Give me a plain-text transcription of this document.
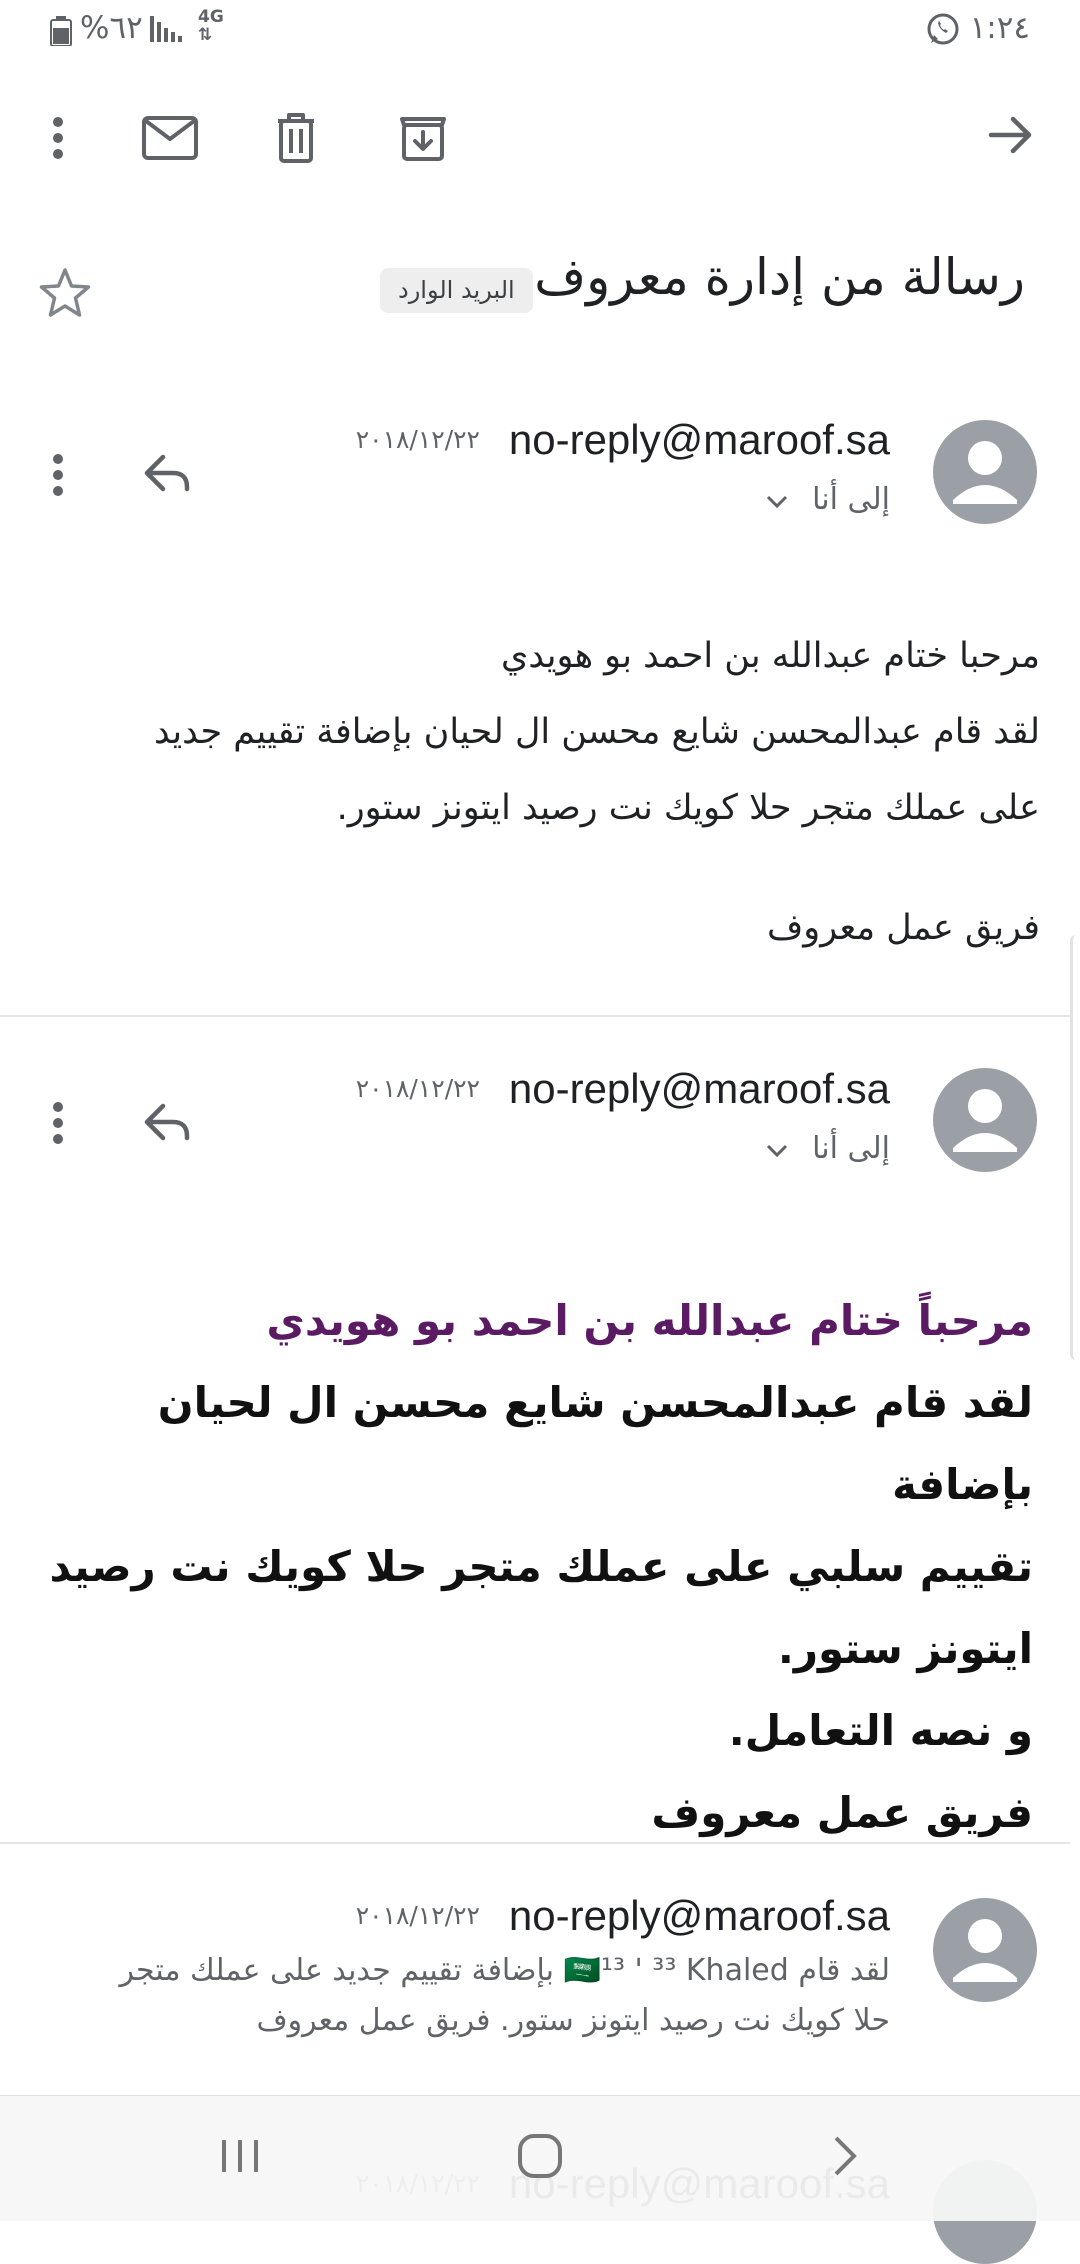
١:٢٤
%٦٢	4G
⇅
رسالة من إدارة معروف
البريد الوارد
no-reply@maroof.sa
٢٠١٨/١٢/٢٢
إلى أنا
مرحبا ختام عبدالله بن احمد بو هويدي
لقد قام عبدالمحسن شايع محسن ال لحيان بإضافة تقييم جديد
على عملك متجر حلا كويك نت رصيد ايتونز ستور.
فريق عمل معروف
no-reply@maroof.sa
٢٠١٨/١٢/٢٢
إلى أنا
مرحباً ختام عبدالله بن احمد بو هويدي
لقد قام عبدالمحسن شايع محسن ال لحيان بإضافة
تقييم سلبي على عملك متجر حلا كويك نت رصيد
ايتونز ستور.
و نصه التعامل.
فريق عمل معروف
no-reply@maroof.sa
٢٠١٨/١٢/٢٢
لقد قام 🇸🇦¹³ ' ³³ Khaled بإضافة تقييم جديد على عملك متجر
حلا كويك نت رصيد ايتونز ستور. فريق عمل معروف
